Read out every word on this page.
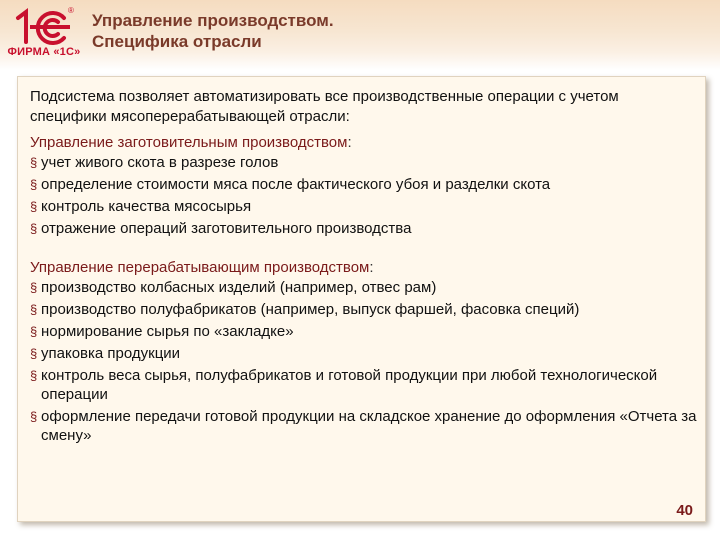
®
ФИРМА «1С»
Управление производством.
Специфика отрасли
Подсистема позволяет автоматизировать все производственные операции с учетом специфики мясоперерабатывающей отрасли:
Управление заготовительным производством:
§ учет живого скота в разрезе голов
§ определение стоимости мяса после фактического убоя и разделки скота
§ контроль качества мясосырья
§ отражение операций заготовительного производства
Управление перерабатывающим производством:
§ производство колбасных изделий (например, отвес рам)
§ производство полуфабрикатов (например, выпуск фаршей, фасовка специй)
§ нормирование сырья по «закладке»
§ упаковка продукции
§ контроль веса сырья, полуфабрикатов и готовой продукции при любой технологической операции
§ оформление передачи готовой продукции на складское хранение до оформления «Отчета за смену»
40
